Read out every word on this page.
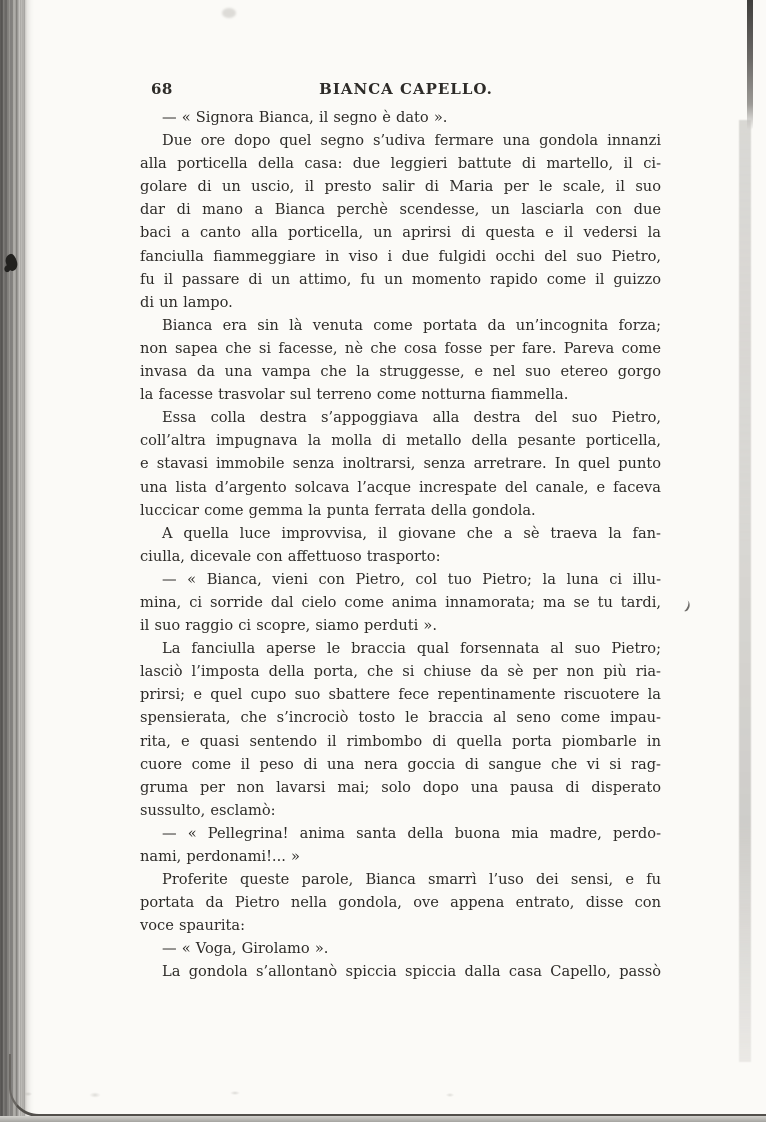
68	BIANCA CAPELLO.
— « Signora Bianca, il segno è dato ».
Due ore dopo quel segno s’udiva fermare una gondola innanzi
alla porticella della casa: due leggieri battute di martello, il ci-
golare di un uscio, il presto salir di Maria per le scale, il suo
dar di mano a Bianca perchè scendesse, un lasciarla con due
baci a canto alla porticella, un aprirsi di questa e il vedersi la
fanciulla fiammeggiare in viso i due fulgidi occhi del suo Pietro,
fu il passare di un attimo, fu un momento rapido come il guizzo
di un lampo.
Bianca era sin là venuta come portata da un’incognita forza;
non sapea che si facesse, nè che cosa fosse per fare. Pareva come
invasa da una vampa che la struggesse, e nel suo etereo gorgo
la facesse trasvolar sul terreno come notturna fiammella.
Essa colla destra s’appoggiava alla destra del suo Pietro,
coll’altra impugnava la molla di metallo della pesante porticella,
e stavasi immobile senza inoltrarsi, senza arretrare. In quel punto
una lista d’argento solcava l’acque increspate del canale, e faceva
luccicar come gemma la punta ferrata della gondola.
A quella luce improvvisa, il giovane che a sè traeva la fan-
ciulla, dicevale con affettuoso trasporto:
— « Bianca, vieni con Pietro, col tuo Pietro; la luna ci illu-
mina, ci sorride dal cielo come anima innamorata; ma se tu tardi,
il suo raggio ci scopre, siamo perduti ».
La fanciulla aperse le braccia qual forsennata al suo Pietro;
lasciò l’imposta della porta, che si chiuse da sè per non più ria-
prirsi; e quel cupo suo sbattere fece repentinamente riscuotere la
spensierata, che s’incrociò tosto le braccia al seno come impau-
rita, e quasi sentendo il rimbombo di quella porta piombarle in
cuore come il peso di una nera goccia di sangue che vi si rag-
gruma per non lavarsi mai; solo dopo una pausa di disperato
sussulto, esclamò:
— « Pellegrina! anima santa della buona mia madre, perdo-
nami, perdonami!... »
Proferite queste parole, Bianca smarrì l’uso dei sensi, e fu
portata da Pietro nella gondola, ove appena entrato, disse con
voce spaurita:
— « Voga, Girolamo ».
La gondola s’allontanò spiccia spiccia dalla casa Capello, passò
